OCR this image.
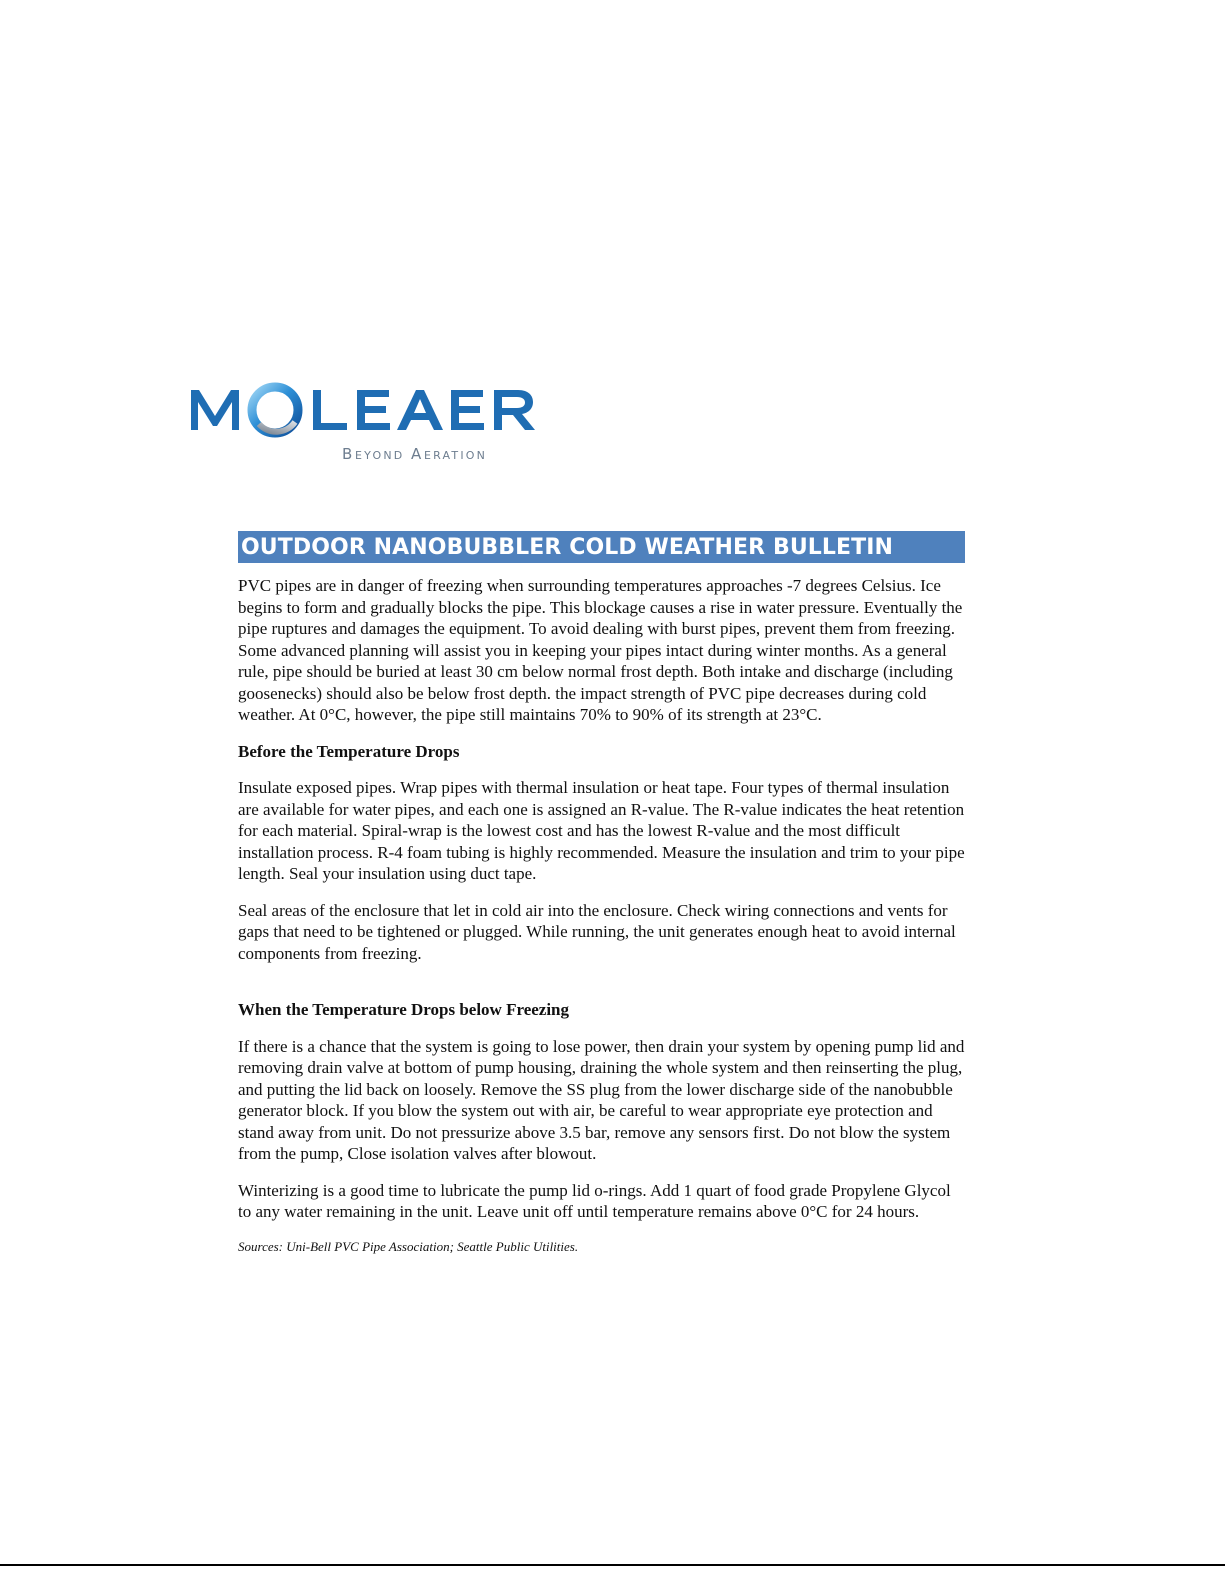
B EYOND A ERATION
OUTDOOR NANOBUBBLER COLD WEATHER BULLETIN

PVC pipes are in danger of freezing when surrounding temperatures approaches -7 degrees Celsius. Ice begins to form and gradually blocks the pipe. This blockage causes a rise in water pressure. Eventually the pipe ruptures and damages the equipment. To avoid dealing with burst pipes, prevent them from freezing. Some advanced planning will assist you in keeping your pipes intact during winter months. As a general rule, pipe should be buried at least 30 cm below normal frost depth. Both intake and discharge (including goosenecks) should also be below frost depth. the impact strength of PVC pipe decreases during cold weather. At 0°C, however, the pipe still maintains 70% to 90% of its strength at 23°C.

Before the Temperature Drops

Insulate exposed pipes. Wrap pipes with thermal insulation or heat tape. Four types of thermal insulation are available for water pipes, and each one is assigned an R-value. The R-value indicates the heat retention for each material. Spiral-wrap is the lowest cost and has the lowest R-value and the most difficult installation process. R-4 foam tubing is highly recommended. Measure the insulation and trim to your pipe length. Seal your insulation using duct tape.

Seal areas of the enclosure that let in cold air into the enclosure. Check wiring connections and vents for gaps that need to be tightened or plugged. While running, the unit generates enough heat to avoid internal components from freezing.

When the Temperature Drops below Freezing

If there is a chance that the system is going to lose power, then drain your system by opening pump lid and removing drain valve at bottom of pump housing, draining the whole system and then reinserting the plug, and putting the lid back on loosely. Remove the SS plug from the lower discharge side of the nanobubble generator block. If you blow the system out with air, be careful to wear appropriate eye protection and stand away from unit. Do not pressurize above 3.5 bar, remove any sensors first. Do not blow the system from the pump, Close isolation valves after blowout.

Winterizing is a good time to lubricate the pump lid o-rings. Add 1 quart of food grade Propylene Glycol to any water remaining in the unit. Leave unit off until temperature remains above 0°C for 24 hours.

Sources: Uni-Bell PVC Pipe Association; Seattle Public Utilities.
